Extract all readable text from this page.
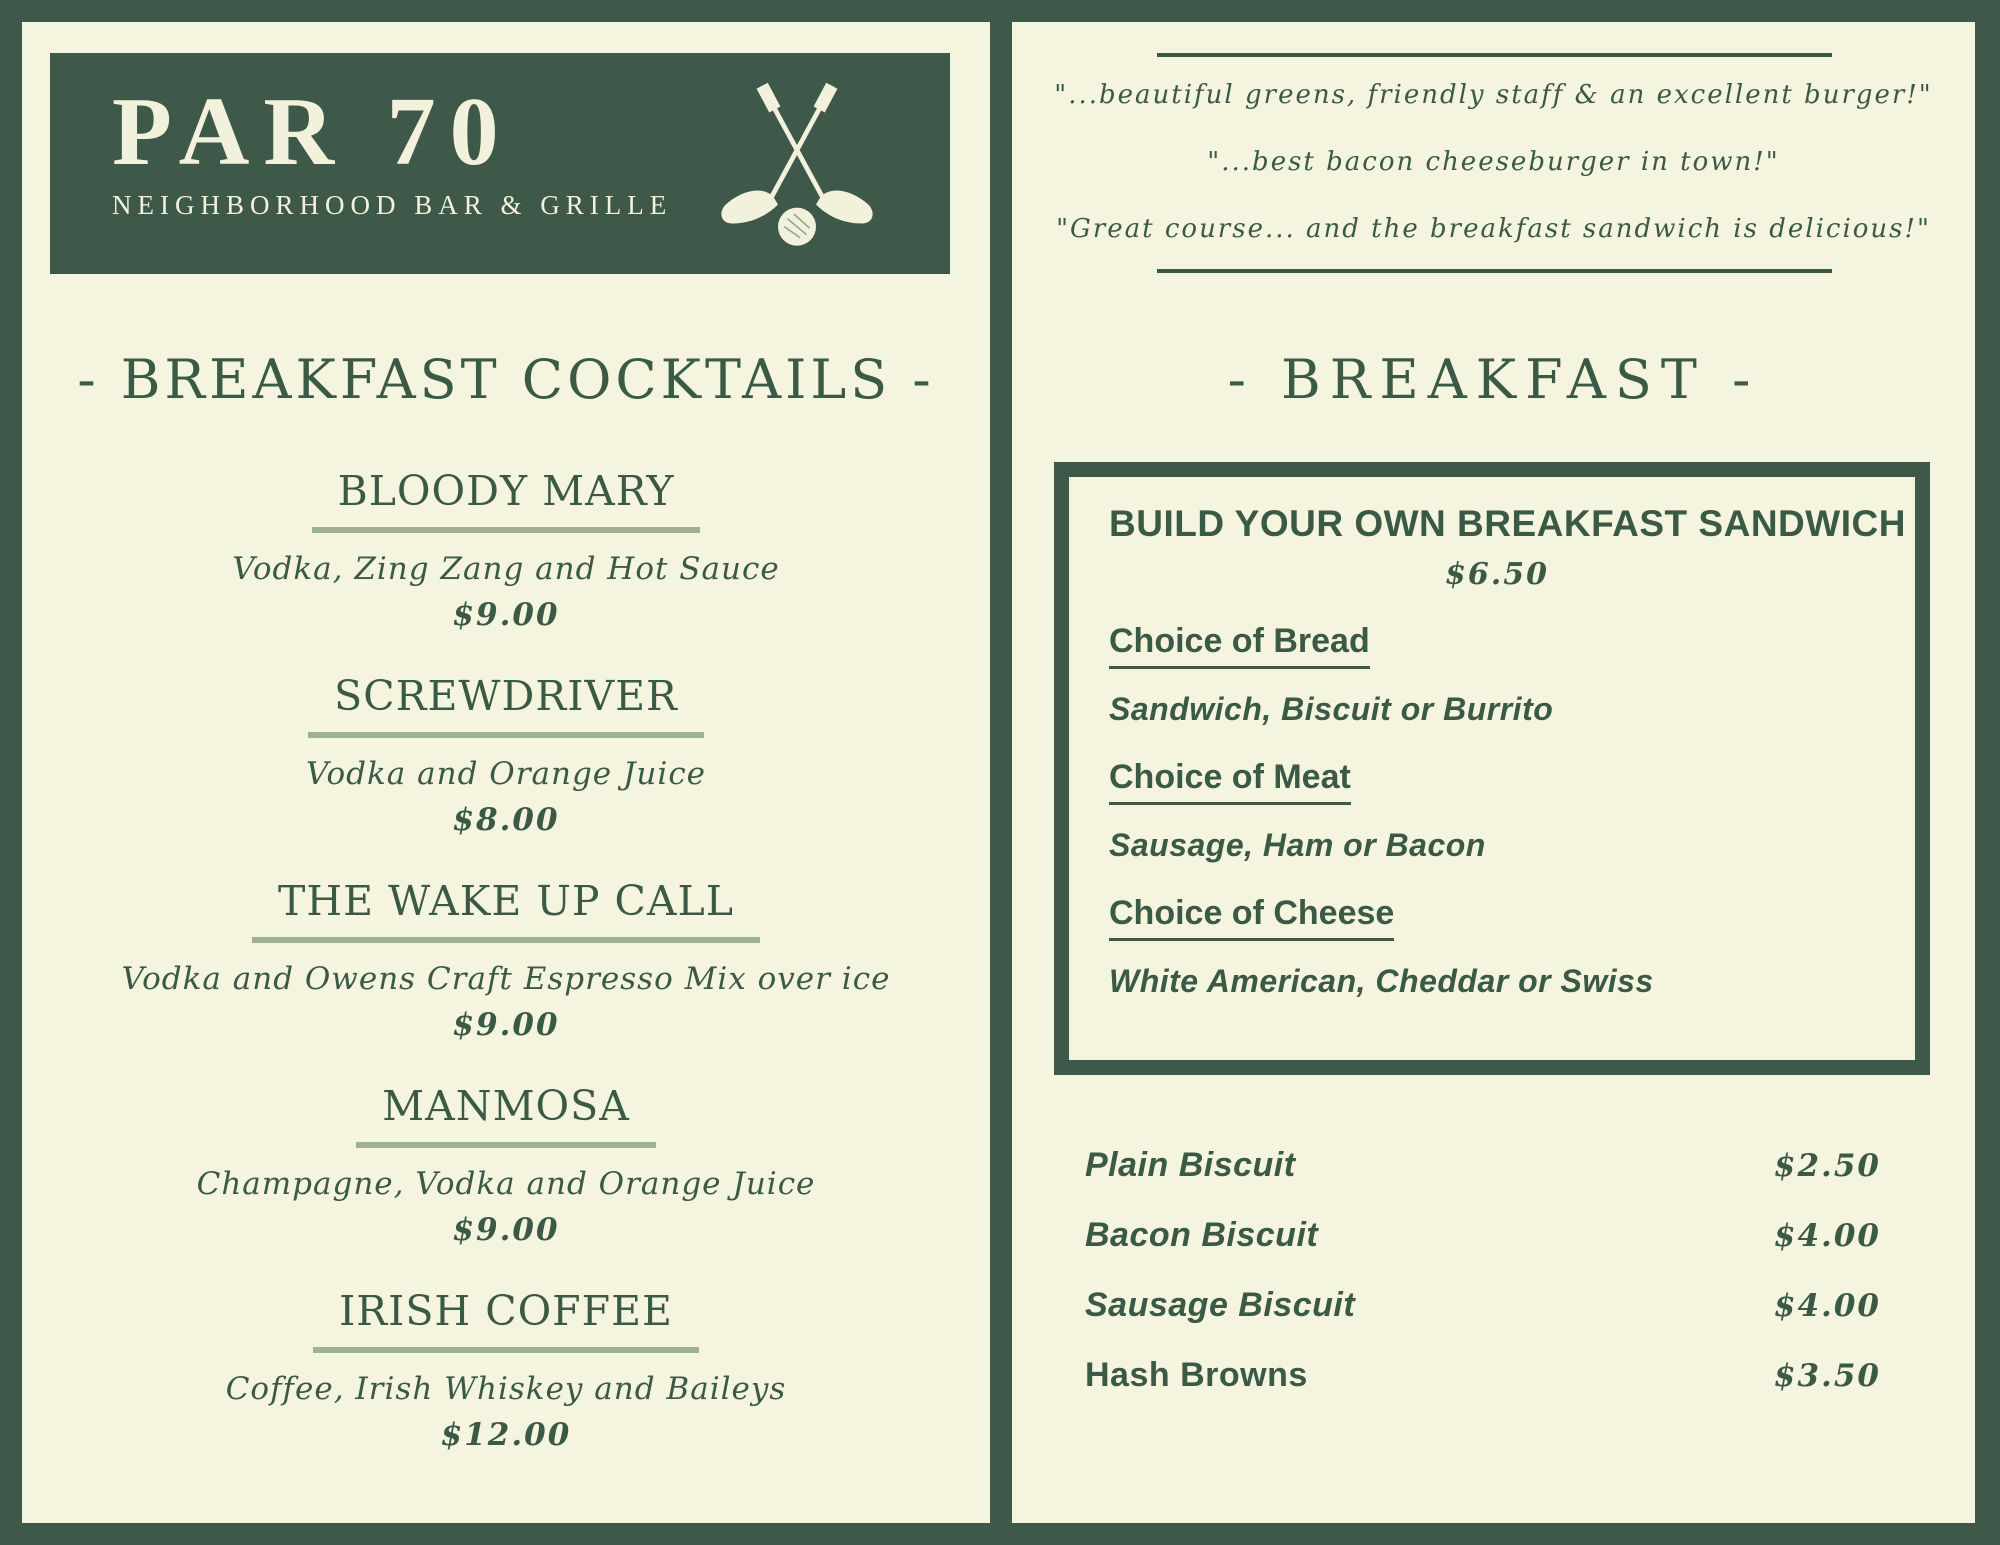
PAR 70
NEIGHBORHOOD BAR & GRILLE
- BREAKFAST COCKTAILS -
BLOODY MARY
Vodka, Zing Zang and Hot Sauce
$9.00
SCREWDRIVER
Vodka and Orange Juice
$8.00
THE WAKE UP CALL
Vodka and Owens Craft Espresso Mix over ice
$9.00
MANMOSA
Champagne, Vodka and Orange Juice
$9.00
IRISH COFFEE
Coffee, Irish Whiskey and Baileys
$12.00
"...beautiful greens, friendly staff & an excellent burger!"
"...best bacon cheeseburger in town!"
"Great course... and the breakfast sandwich is delicious!"
- BREAKFAST -
BUILD YOUR OWN BREAKFAST SANDWICH
$6.50
Choice of Bread
Sandwich, Biscuit or Burrito
Choice of Meat
Sausage, Ham or Bacon
Choice of Cheese
White American, Cheddar or Swiss
Plain Biscuit	$2.50
Bacon Biscuit	$4.00
Sausage Biscuit	$4.00
Hash Browns	$3.50
